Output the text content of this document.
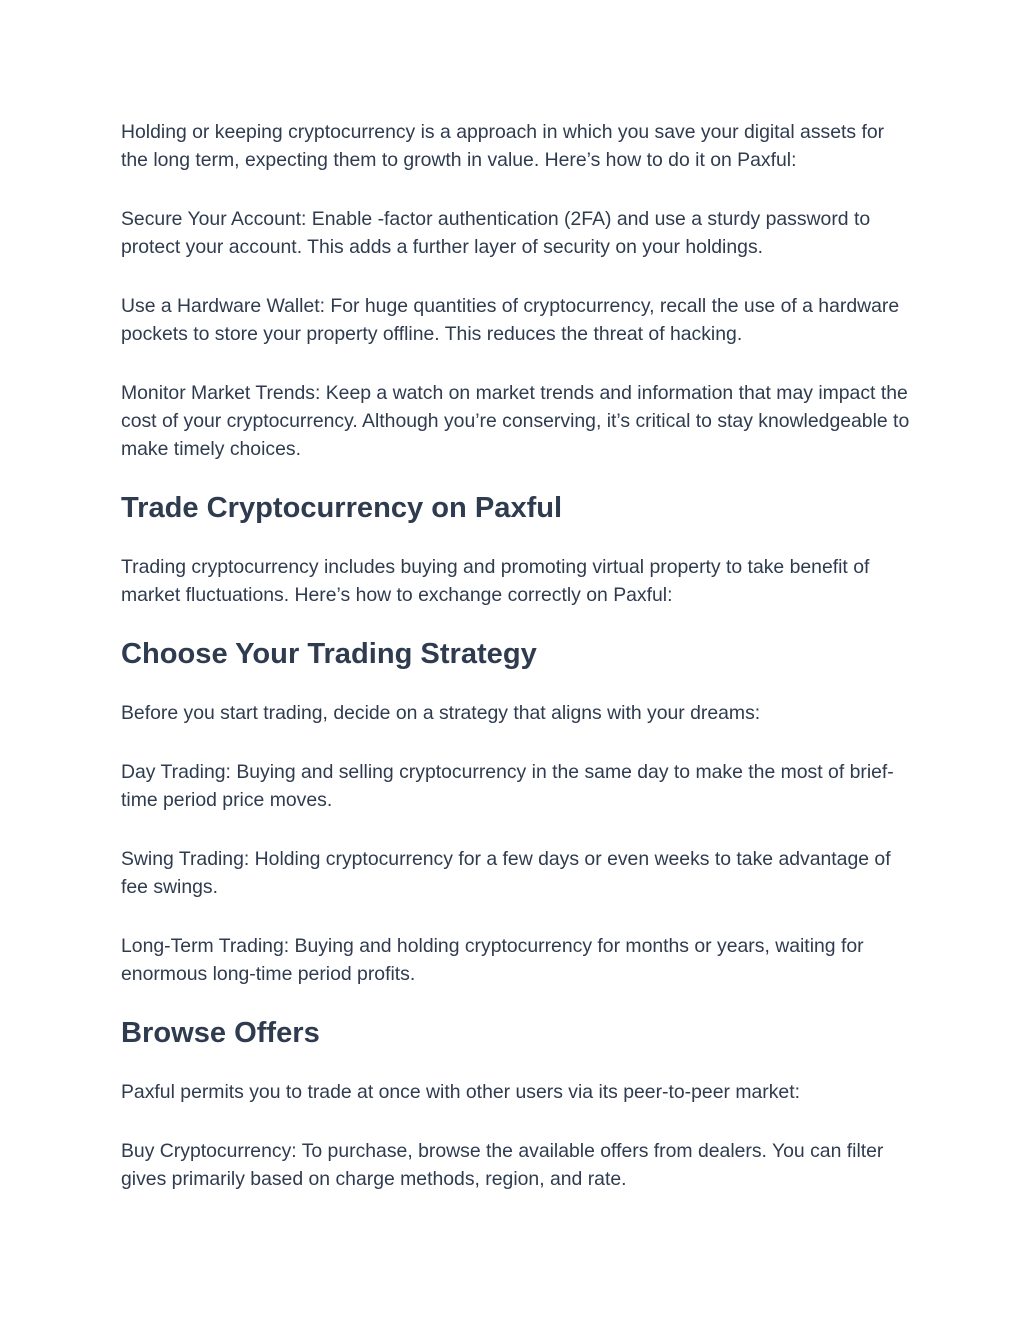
Holding or keeping cryptocurrency is a approach in which you save your digital assets for the long term, expecting them to growth in value. Here’s how to do it on Paxful:

Secure Your Account: Enable -factor authentication (2FA) and use a sturdy password to protect your account. This adds a further layer of security on your holdings.

Use a Hardware Wallet: For huge quantities of cryptocurrency, recall the use of a hardware pockets to store your property offline. This reduces the threat of hacking.

Monitor Market Trends: Keep a watch on market trends and information that may impact the cost of your cryptocurrency. Although you’re conserving, it’s critical to stay knowledgeable to make timely choices.

Trade Cryptocurrency on Paxful

Trading cryptocurrency includes buying and promoting virtual property to take benefit of market fluctuations. Here’s how to exchange correctly on Paxful:

Choose Your Trading Strategy

Before you start trading, decide on a strategy that aligns with your dreams:

Day Trading: Buying and selling cryptocurrency in the same day to make the most of brief-time period price moves.

Swing Trading: Holding cryptocurrency for a few days or even weeks to take advantage of fee swings.

Long-Term Trading: Buying and holding cryptocurrency for months or years, waiting for enormous long-time period profits.

Browse Offers

Paxful permits you to trade at once with other users via its peer-to-peer market:

Buy Cryptocurrency: To purchase, browse the available offers from dealers. You can filter gives primarily based on charge methods, region, and rate.
